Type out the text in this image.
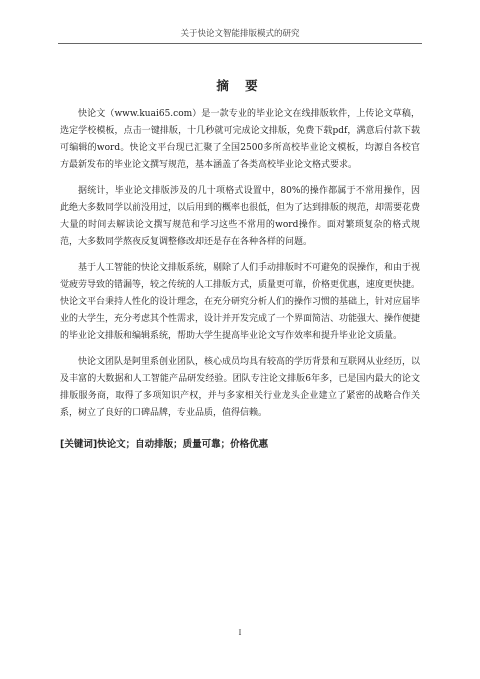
关于快论文智能排版模式的研究
摘 要

快论文（www.kuai65.com）是一款专业的毕业论文在线排版软件，上传论文草稿，选定学校模板，点击一键排版，十几秒就可完成论文排版，免费下载pdf，满意后付款下载可编辑的word。快论文平台现已汇聚了全国2500多所高校毕业论文模板，均源自各校官方最新发布的毕业论文撰写规范，基本涵盖了各类高校毕业论文格式要求。

据统计，毕业论文排版涉及的几十项格式设置中，80%的操作都属于不常用操作，因此绝大多数同学以前没用过，以后用到的概率也很低，但为了达到排版的规范，却需要花费大量的时间去解读论文撰写规范和学习这些不常用的word操作。面对繁琐复杂的格式规范，大多数同学熬夜反复调整修改却还是存在各种各样的问题。

基于人工智能的快论文排版系统，剔除了人们手动排版时不可避免的误操作，和由于视觉疲劳导致的错漏等，较之传统的人工排版方式，质量更可靠，价格更优惠，速度更快捷。快论文平台秉持人性化的设计理念，在充分研究分析人们的操作习惯的基础上，针对应届毕业的大学生，充分考虑其个性需求，设计并开发完成了一个界面简洁、功能强大、操作便捷的毕业论文排版和编辑系统，帮助大学生提高毕业论文写作效率和提升毕业论文质量。

快论文团队是阿里系创业团队，核心成员均具有较高的学历背景和互联网从业经历，以及丰富的大数据和人工智能产品研发经验。团队专注论文排版6年多，已是国内最大的论文排版服务商，取得了多项知识产权，并与多家相关行业龙头企业建立了紧密的战略合作关系，树立了良好的口碑品牌，专业品质，值得信赖。

[关键词]快论文；自动排版；质量可靠；价格优惠
I
